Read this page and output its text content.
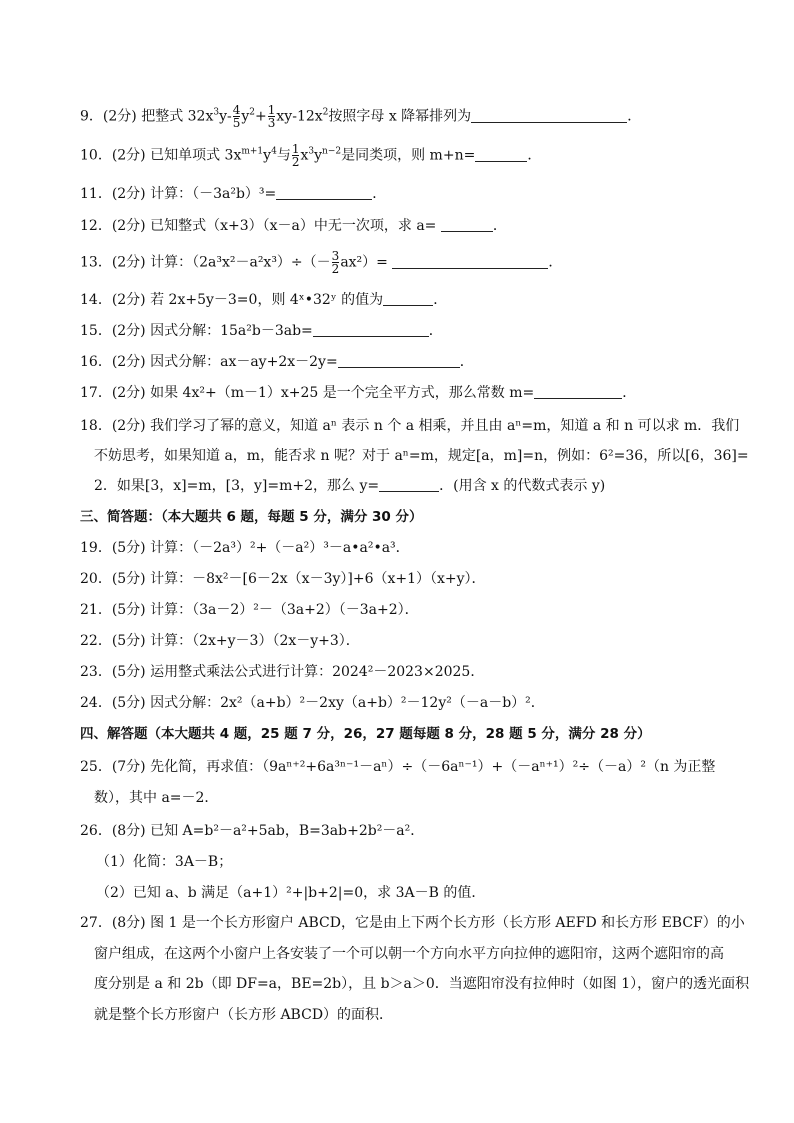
9．(2分) 把整式 $32x^3y- \frac{4}{5} y^2+ \frac{1}{3} xy-12x^2$按照字母 x 降幂排列为	．
10．(2分) 已知单项式 $3x^{m+1}y^4$与 $\frac{1}{2} x^3y^{n-2}$是同类项，则 m+n=	．
11．(2分) 计算：（－3a²b）³=	．
12．(2分) 已知整式（x+3）（x－a）中无一次项，求 a=	．
13．(2分) 计算：$(2a^3x^2-a^2x^3)\div(- \frac{3}{2} ax^2)=$	．
14．(2分) 若 2x+5y－3=0，则 4ˣ•32ʸ 的值为	．
15．(2分) 因式分解：15a²b－3ab=	．
16．(2分) 因式分解：ax－ay+2x－2y=	．
17．(2分) 如果 4x²+（m－1）x+25 是一个完全平方式，那么常数 m=	．
18．(2分) 我们学习了幂的意义，知道 aⁿ 表示 n 个 a 相乘，并且由 aⁿ=m，知道 a 和 n 可以求 m．我们
不妨思考，如果知道 a，m，能否求 n 呢？对于 aⁿ=m，规定[a，m]=n，例如：6²=36，所以[6，36]=
2．如果[3，x]=m，[3，y]=m+2，那么 y=	．(用含 x 的代数式表示 y)
三、简答题：（本大题共 6 题，每题 5 分，满分 30 分）
19．(5分) 计算：（－2a³）²+（－a²）³－a•a²•a³．
20．(5分) 计算：－8x²－[6－2x（x－3y）]+6（x+1）（x+y）．
21．(5分) 计算：（3a－2）²－（3a+2）（－3a+2）．
22．(5分) 计算：（2x+y－3）（2x－y+3）．
23．(5分) 运用整式乘法公式进行计算：2024²－2023×2025．
24．(5分) 因式分解：2x²（a+b）²－2xy（a+b）²－12y²（－a－b）²．
四、解答题（本大题共 4 题，25 题 7 分，26，27 题每题 8 分，28 题 5 分，满分 28 分）
25．(7分) 先化简，再求值：（9aⁿ⁺²+6a³ⁿ⁻¹－aⁿ）÷（－6aⁿ⁻¹）+（－aⁿ⁺¹）²÷（－a）²（n 为正整
数），其中 a=－2．
26．(8分) 已知 A=b²－a²+5ab，B=3ab+2b²－a²．
（1）化简：3A－B；
（2）已知 a、b 满足（a+1）²+|b+2|=0，求 3A－B 的值．
27．(8分) 图 1 是一个长方形窗户 ABCD，它是由上下两个长方形（长方形 AEFD 和长方形 EBCF）的小
窗户组成，在这两个小窗户上各安装了一个可以朝一个方向水平方向拉伸的遮阳帘，这两个遮阳帘的高
度分别是 a 和 2b（即 DF=a，BE=2b），且 b＞a＞0．当遮阳帘没有拉伸时（如图 1），窗户的透光面积
就是整个长方形窗户（长方形 ABCD）的面积．
